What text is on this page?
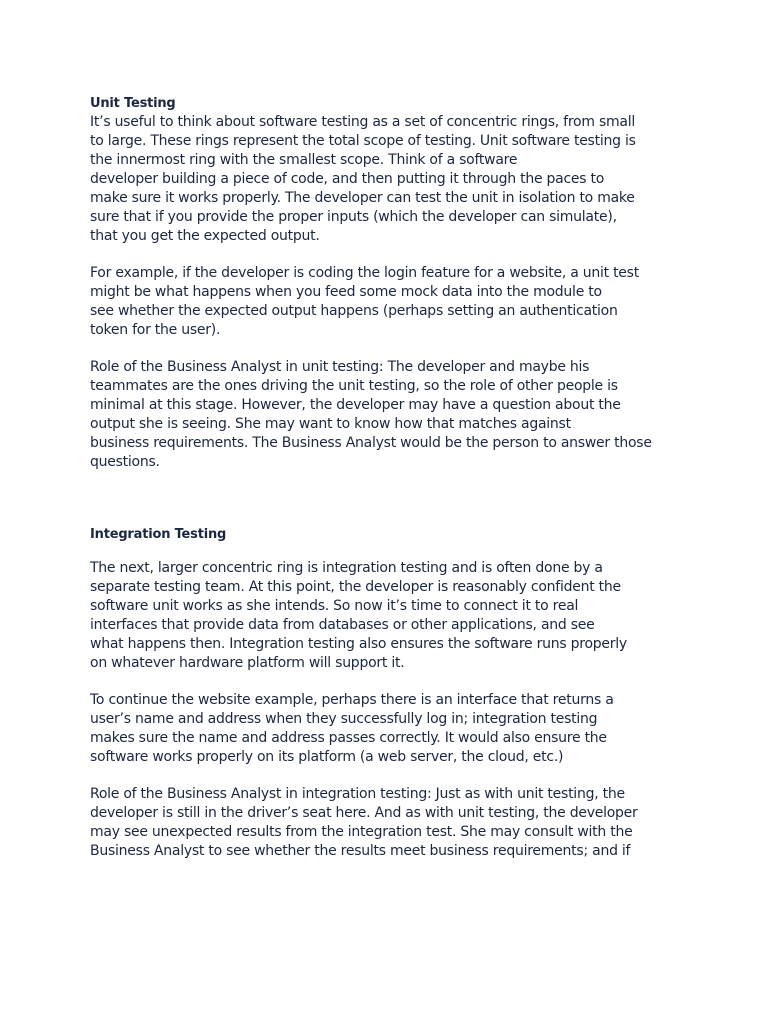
Unit Testing
It’s useful to think about software testing as a set of concentric rings, from small
to large. These rings represent the total scope of testing. Unit software testing is
the innermost ring with the smallest scope. Think of a software
developer building a piece of code, and then putting it through the paces to
make sure it works properly. The developer can test the unit in isolation to make
sure that if you provide the proper inputs (which the developer can simulate),
that you get the expected output.
For example, if the developer is coding the login feature for a website, a unit test
might be what happens when you feed some mock data into the module to
see whether the expected output happens (perhaps setting an authentication
token for the user).
Role of the Business Analyst in unit testing: The developer and maybe his
teammates are the ones driving the unit testing, so the role of other people is
minimal at this stage. However, the developer may have a question about the
output she is seeing. She may want to know how that matches against
business requirements. The Business Analyst would be the person to answer those
questions.
Integration Testing
The next, larger concentric ring is integration testing and is often done by a
separate testing team. At this point, the developer is reasonably confident the
software unit works as she intends. So now it’s time to connect it to real
interfaces that provide data from databases or other applications, and see
what happens then. Integration testing also ensures the software runs properly
on whatever hardware platform will support it.
To continue the website example, perhaps there is an interface that returns a
user’s name and address when they successfully log in; integration testing
makes sure the name and address passes correctly. It would also ensure the
software works properly on its platform (a web server, the cloud, etc.)
Role of the Business Analyst in integration testing: Just as with unit testing, the
developer is still in the driver’s seat here. And as with unit testing, the developer
may see unexpected results from the integration test. She may consult with the
Business Analyst to see whether the results meet business requirements; and if
